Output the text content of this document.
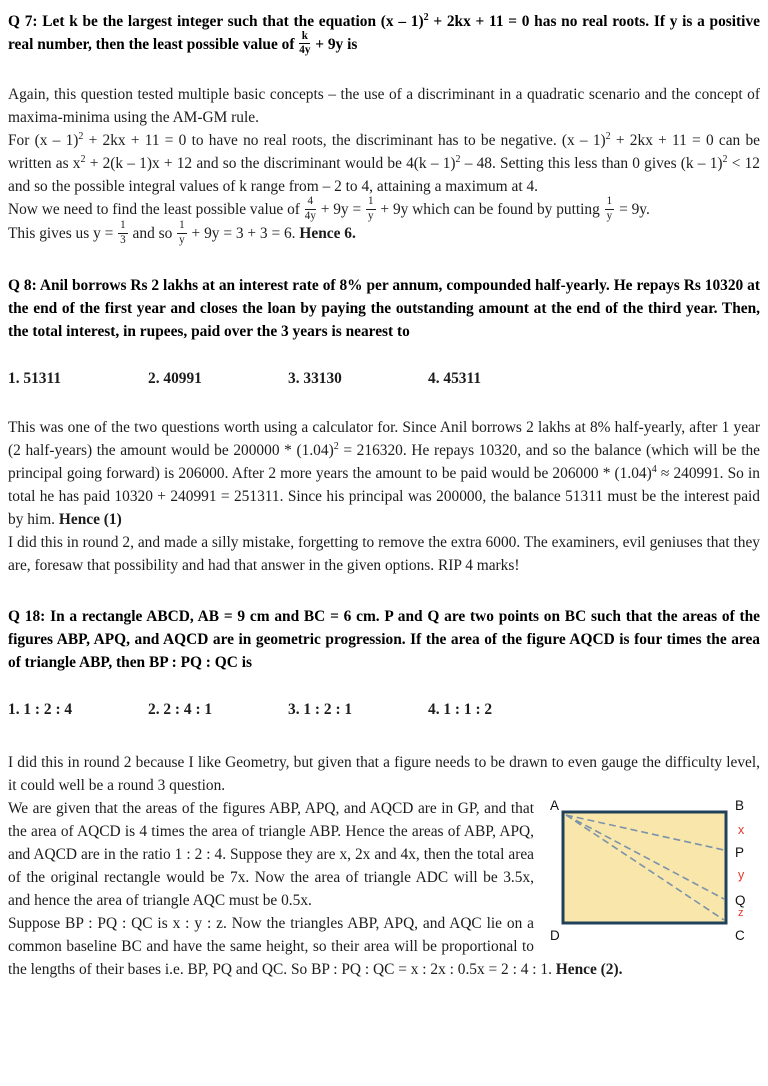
Q 7: Let k be the largest integer such that the equation (x – 1)$^2$ + 2kx + 11 = 0 has no real roots. If y is a positive real number, then the least possible value of $\frac{k}{4y} + 9y$ is
Again, this question tested multiple basic concepts – the use of a discriminant in a quadratic scenario and the concept of maxima-minima using the AM-GM rule.
For (x – 1)$^2$ + 2kx + 11 = 0 to have no real roots, the discriminant has to be negative. (x – 1)$^2$ + 2kx + 11 = 0 can be written as $x^2 + 2(k - 1)x + 12$ and so the discriminant would be 4(k – 1)$^2$ – 48. Setting this less than 0 gives (k – 1)$^2$ < 12 and so the possible integral values of k range from – 2 to 4, attaining a maximum at 4.
Now we need to find the least possible value of $\frac{4}{4y} + 9y = \frac{1}{y} + 9y$ which can be found by putting $\frac{1}{y} = 9y$.
This gives us $y = \frac{1}{3}$ and so $\frac{1}{y} + 9y = 3 + 3 = 6$. Hence 6.
Q 8: Anil borrows Rs 2 lakhs at an interest rate of 8% per annum, compounded half-yearly. He repays Rs 10320 at the end of the first year and closes the loan by paying the outstanding amount at the end of the third year. Then, the total interest, in rupees, paid over the 3 years is nearest to
1. 51311	2. 40991	3. 33130	4. 45311
This was one of the two questions worth using a calculator for. Since Anil borrows 2 lakhs at 8% half-yearly, after 1 year (2 half-years) the amount would be $200000 * (1.04)^2 = 216320$. He repays 10320, and so the balance (which will be the principal going forward) is 206000. After 2 more years the amount to be paid would be $206000 * (1.04)^4 \approx 240991$. So in total he has paid 10320 + 240991 = 251311. Since his principal was 200000, the balance 51311 must be the interest paid by him. Hence (1)
I did this in round 2, and made a silly mistake, forgetting to remove the extra 6000. The examiners, evil geniuses that they are, foresaw that possibility and had that answer in the given options. RIP 4 marks!
Q 18: In a rectangle ABCD, AB = 9 cm and BC = 6 cm. P and Q are two points on BC such that the areas of the figures ABP, APQ, and AQCD are in geometric progression. If the area of the figure AQCD is four times the area of triangle ABP, then BP : PQ : QC is
1. 1 : 2 : 4	2. 2 : 4 : 1	3. 1 : 2 : 1	4. 1 : 1 : 2
I did this in round 2 because I like Geometry, but given that a figure needs to be drawn to even gauge the difficulty level, it could well be a round 3 question.
A	B
x
P
y
Q
z
D	C
We are given that the areas of the figures ABP, APQ, and AQCD are in GP, and that the area of AQCD is 4 times the area of triangle ABP. Hence the areas of ABP, APQ, and AQCD are in the ratio 1 : 2 : 4. Suppose they are x, 2x and 4x, then the total area of the original rectangle would be 7x. Now the area of triangle ADC will be 3.5x, and hence the area of triangle AQC must be 0.5x.
Suppose BP : PQ : QC is x : y : z. Now the triangles ABP, APQ, and AQC lie on a common baseline BC and have the same height, so their area will be proportional to the lengths of their bases i.e. BP, PQ and QC. So BP : PQ : QC = x : 2x : 0.5x = 2 : 4 : 1. Hence (2).
